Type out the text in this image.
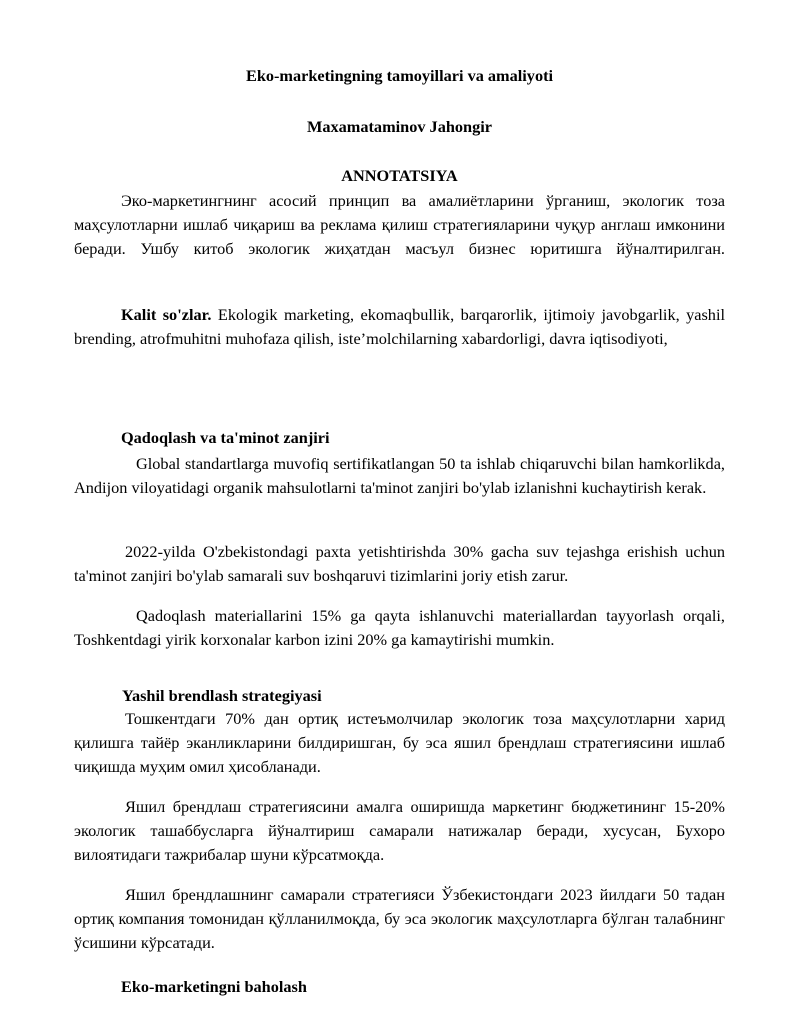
Eko-marketingning tamoyillari va amaliyoti
Maxamataminov Jahongir
ANNOTATSIYA

Эко-маркетингнинг асосий принцип ва амалиётларини ўрганиш, экологик тоза маҳсулотларни ишлаб чиқариш ва реклама қилиш стратегияларини чуқур англаш имконини беради. Ушбу китоб экологик жиҳатдан масъул бизнес юритишга йўналтирилган.

Kalit so'zlar. Ekologik marketing, ekomaqbullik, barqarorlik, ijtimoiy javobgarlik, yashil brending, atrofmuhitni muhofaza qilish, iste’molchilarning xabardorligi, davra iqtisodiyoti,

Qadoqlash va ta'minot zanjiri

Global standartlarga muvofiq sertifikatlangan 50 ta ishlab chiqaruvchi bilan hamkorlikda, Andijon viloyatidagi organik mahsulotlarni ta'minot zanjiri bo'ylab izlanishni kuchaytirish kerak.

2022-yilda O'zbekistondagi paxta yetishtirishda 30% gacha suv tejashga erishish uchun ta'minot zanjiri bo'ylab samarali suv boshqaruvi tizimlarini joriy etish zarur.

Qadoqlash materiallarini 15% ga qayta ishlanuvchi materiallardan tayyorlash orqali, Toshkentdagi yirik korxonalar karbon izini 20% ga kamaytirishi mumkin.

Yashil brendlash strategiyasi

Тошкентдаги 70% дан ортиқ истеъмолчилар экологик тоза маҳсулотларни харид қилишга тайёр эканликларини билдиришган, бу эса яшил брендлаш стратегиясини ишлаб чиқишда муҳим омил ҳисобланади.

Яшил брендлаш стратегиясини амалга оширишда маркетинг бюджетининг 15-20% экологик ташаббусларга йўналтириш самарали натижалар беради, хусусан, Бухоро вилоятидаги тажрибалар шуни кўрсатмоқда.

Яшил брендлашнинг самарали стратегияси Ўзбекистондаги 2023 йилдаги 50 тадан ортиқ компания томонидан қўлланилмоқда, бу эса экологик маҳсулотларга бўлган талабнинг ўсишини кўрсатади.

Eko-marketingni baholash
